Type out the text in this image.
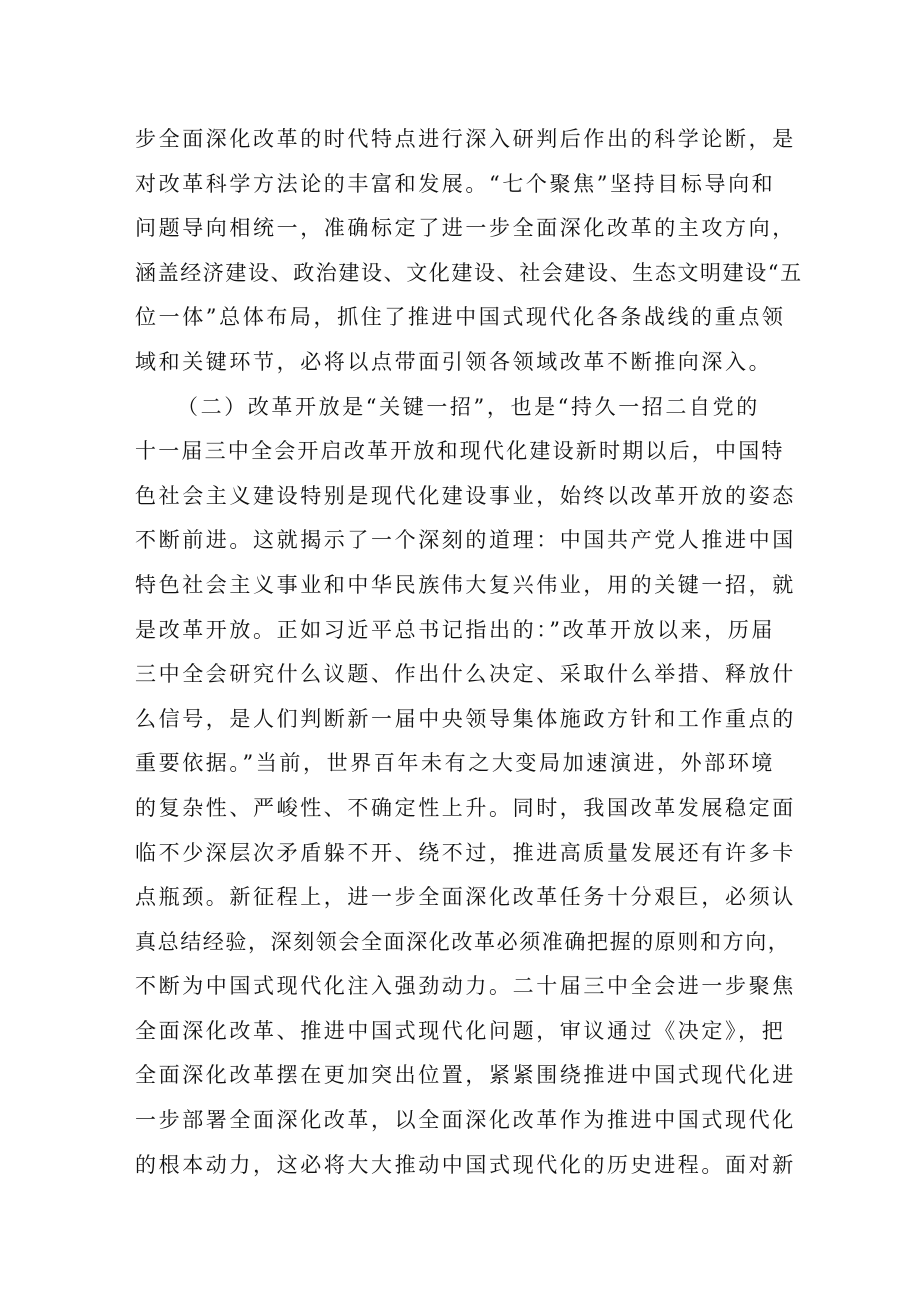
步全面深化改革的时代特点进行深入研判后作出的科学论断，是
对改革科学方法论的丰富和发展。“七个聚焦”坚持目标导向和
问题导向相统一，准确标定了进一步全面深化改革的主攻方向，
涵盖经济建设、政治建设、文化建设、社会建设、生态文明建设“五
位一体”总体布局，抓住了推进中国式现代化各条战线的重点领
域和关键环节，必将以点带面引领各领域改革不断推向深入。
（二）改革开放是“关键一招”，也是“持久一招二自党的
十一届三中全会开启改革开放和现代化建设新时期以后，中国特
色社会主义建设特别是现代化建设事业，始终以改革开放的姿态
不断前进。这就揭示了一个深刻的道理：中国共产党人推进中国
特色社会主义事业和中华民族伟大复兴伟业，用的关键一招，就
是改革开放。正如习近平总书记指出的：”改革开放以来，历届
三中全会研究什么议题、作出什么决定、采取什么举措、释放什
么信号，是人们判断新一届中央领导集体施政方针和工作重点的
重要依据。”当前，世界百年未有之大变局加速演进，外部环境
的复杂性、严峻性、不确定性上升。同时，我国改革发展稳定面
临不少深层次矛盾躲不开、绕不过，推进高质量发展还有许多卡
点瓶颈。新征程上，进一步全面深化改革任务十分艰巨，必须认
真总结经验，深刻领会全面深化改革必须准确把握的原则和方向，
不断为中国式现代化注入强劲动力。二十届三中全会进一步聚焦
全面深化改革、推进中国式现代化问题，审议通过《决定》，把
全面深化改革摆在更加突出位置，紧紧围绕推进中国式现代化进
一步部署全面深化改革，以全面深化改革作为推进中国式现代化
的根本动力，这必将大大推动中国式现代化的历史进程。面对新
